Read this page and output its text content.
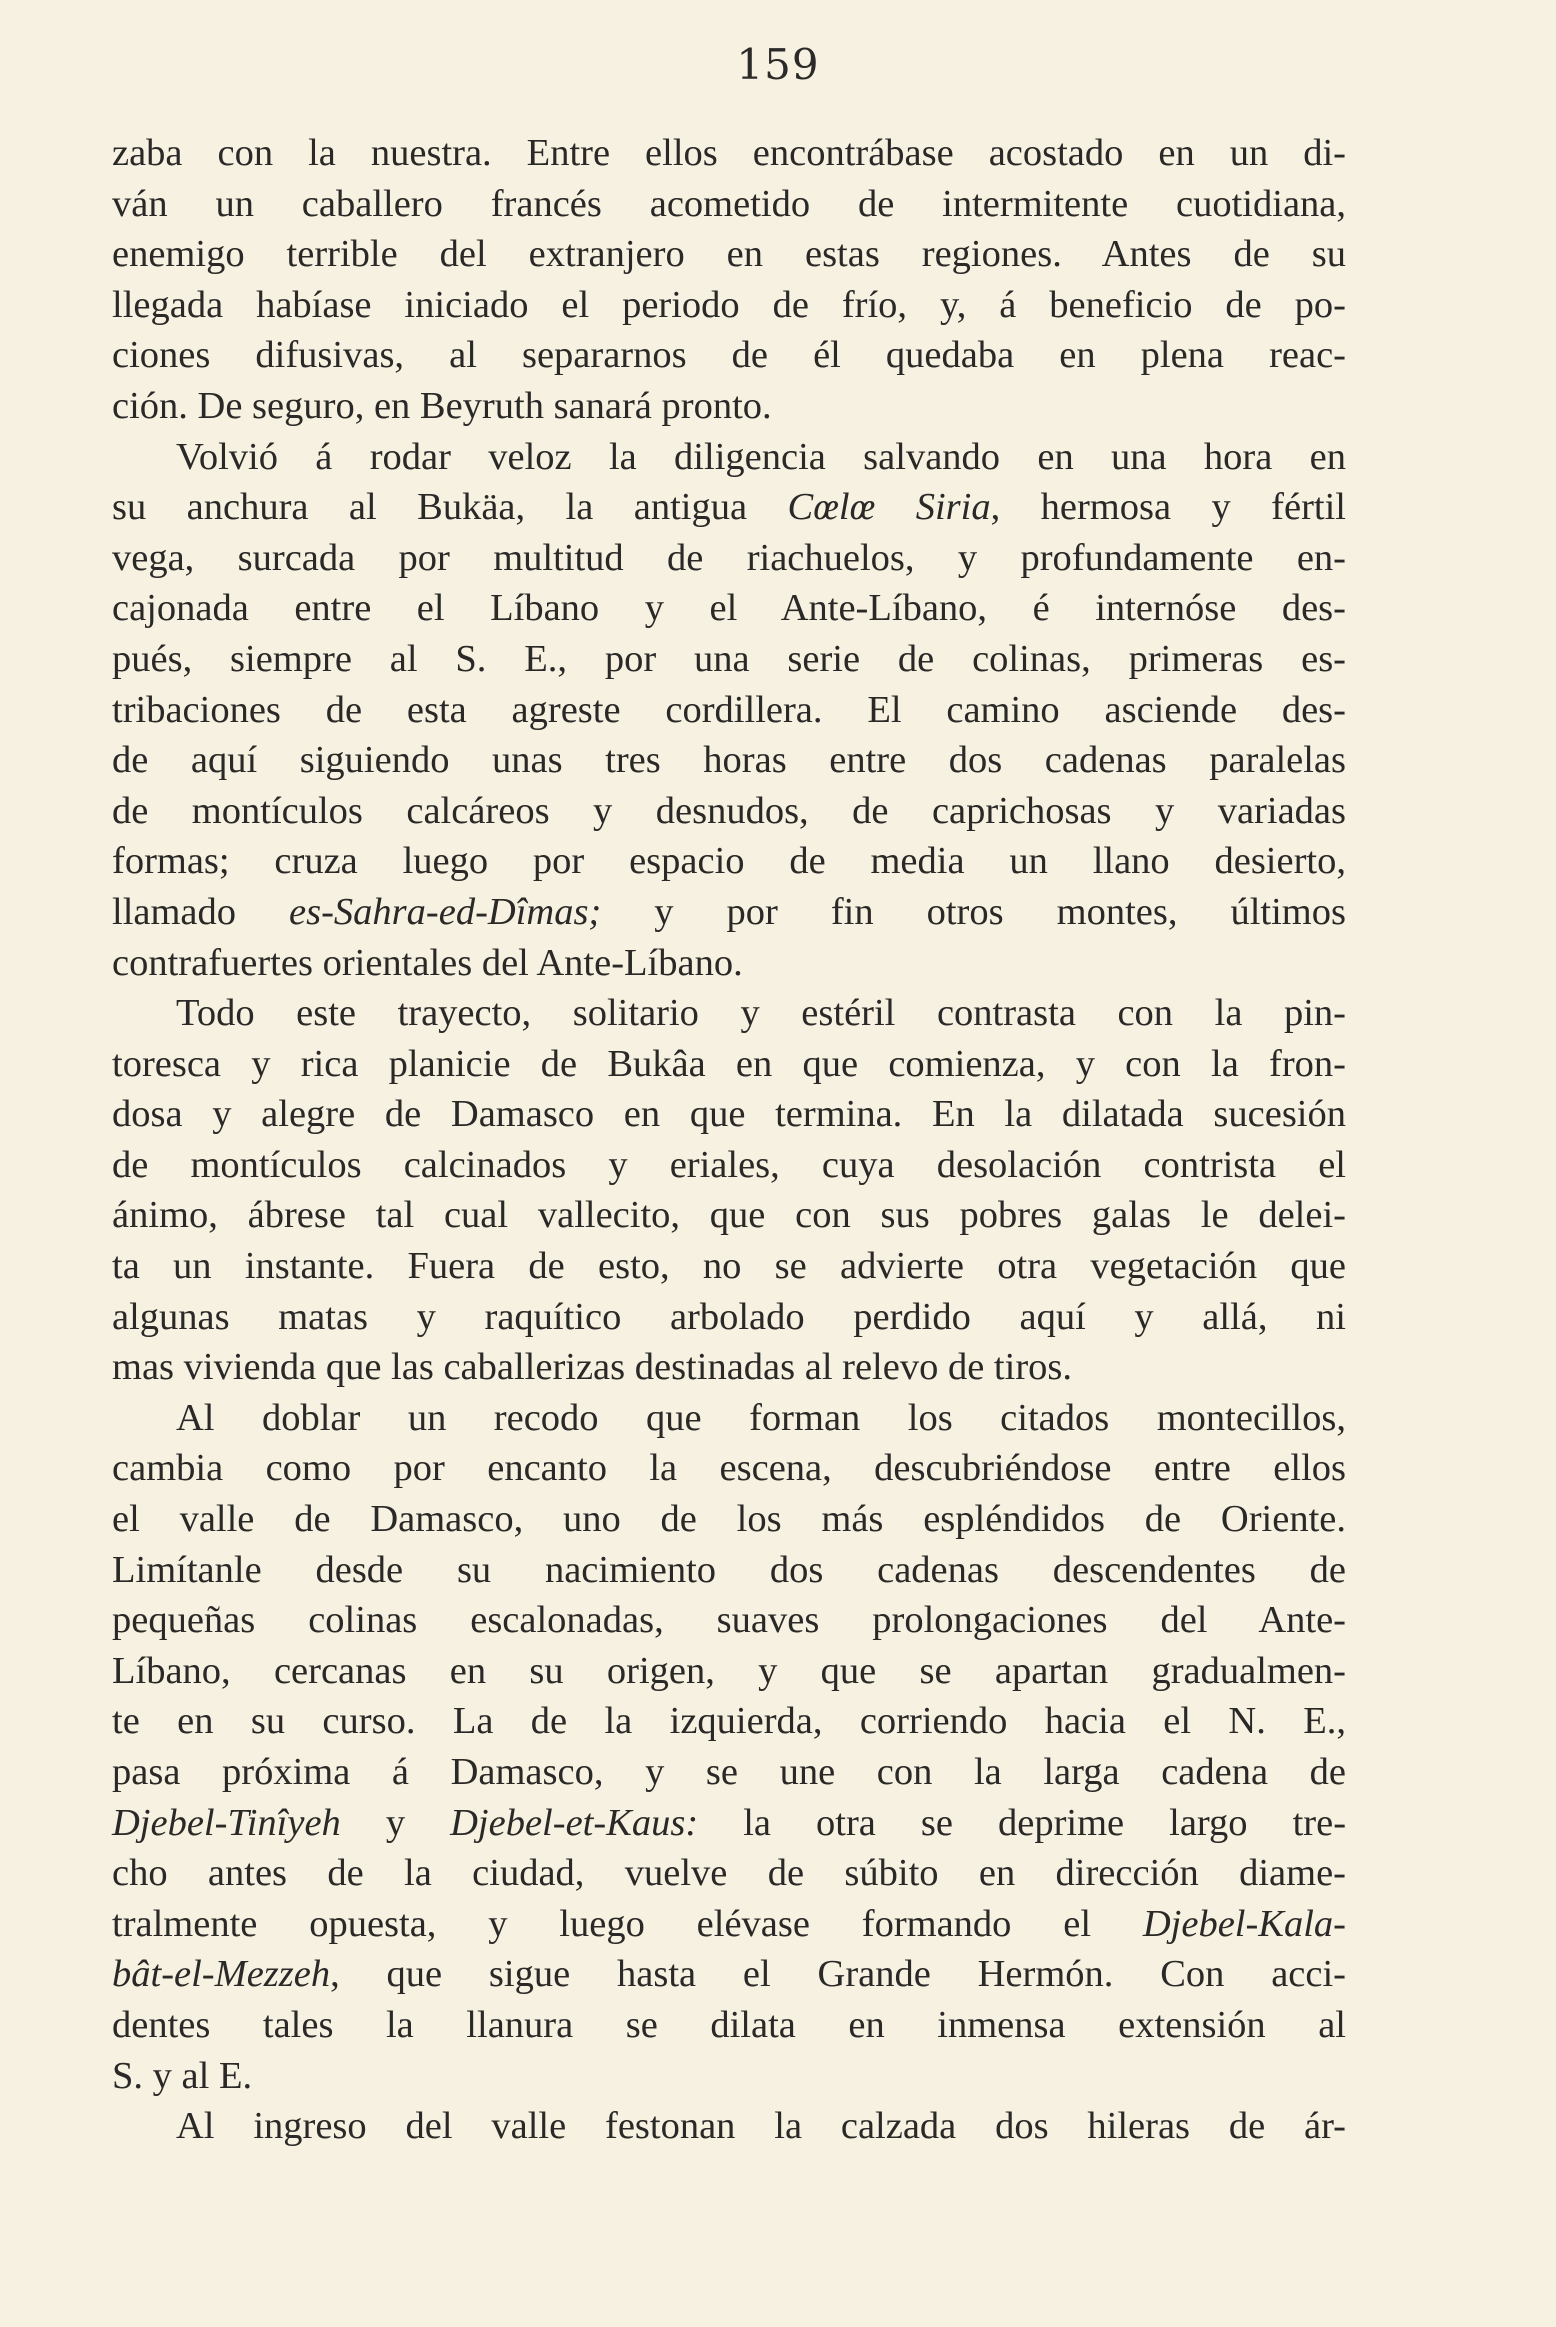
159
zaba con la nuestra. Entre ellos encontrábase acostado en un di-
ván un caballero francés acometido de intermitente cuotidiana,
enemigo terrible del extranjero en estas regiones. Antes de su
llegada habíase iniciado el periodo de frío, y, á beneficio de po-
ciones difusivas, al separarnos de él quedaba en plena reac-
ción. De seguro, en Beyruth sanará pronto.
Volvió á rodar veloz la diligencia salvando en una hora en
su anchura al Bukäa, la antigua Cœlœ Siria, hermosa y fértil
vega, surcada por multitud de riachuelos, y profundamente en-
cajonada entre el Líbano y el Ante-Líbano, é internóse des-
pués, siempre al S. E., por una serie de colinas, primeras es-
tribaciones de esta agreste cordillera. El camino asciende des-
de aquí siguiendo unas tres horas entre dos cadenas paralelas
de montículos calcáreos y desnudos, de caprichosas y variadas
formas; cruza luego por espacio de media un llano desierto,
llamado es-Sahra-ed-Dîmas; y por fin otros montes, últimos
contrafuertes orientales del Ante-Líbano.
Todo este trayecto, solitario y estéril contrasta con la pin-
toresca y rica planicie de Bukâa en que comienza, y con la fron-
dosa y alegre de Damasco en que termina. En la dilatada sucesión
de montículos calcinados y eriales, cuya desolación contrista el
ánimo, ábrese tal cual vallecito, que con sus pobres galas le delei-
ta un instante. Fuera de esto, no se advierte otra vegetación que
algunas matas y raquítico arbolado perdido aquí y allá, ni
mas vivienda que las caballerizas destinadas al relevo de tiros.
Al doblar un recodo que forman los citados montecillos,
cambia como por encanto la escena, descubriéndose entre ellos
el valle de Damasco, uno de los más espléndidos de Oriente.
Limítanle desde su nacimiento dos cadenas descendentes de
pequeñas colinas escalonadas, suaves prolongaciones del Ante-
Líbano, cercanas en su origen, y que se apartan gradualmen-
te en su curso. La de la izquierda, corriendo hacia el N. E.,
pasa próxima á Damasco, y se une con la larga cadena de
Djebel-Tinîyeh y Djebel-et-Kaus: la otra se deprime largo tre-
cho antes de la ciudad, vuelve de súbito en dirección diame-
tralmente opuesta, y luego elévase formando el Djebel-Kala-
bât-el-Mezzeh, que sigue hasta el Grande Hermón. Con acci-
dentes tales la llanura se dilata en inmensa extensión al
S. y al E.
Al ingreso del valle festonan la calzada dos hileras de ár-
